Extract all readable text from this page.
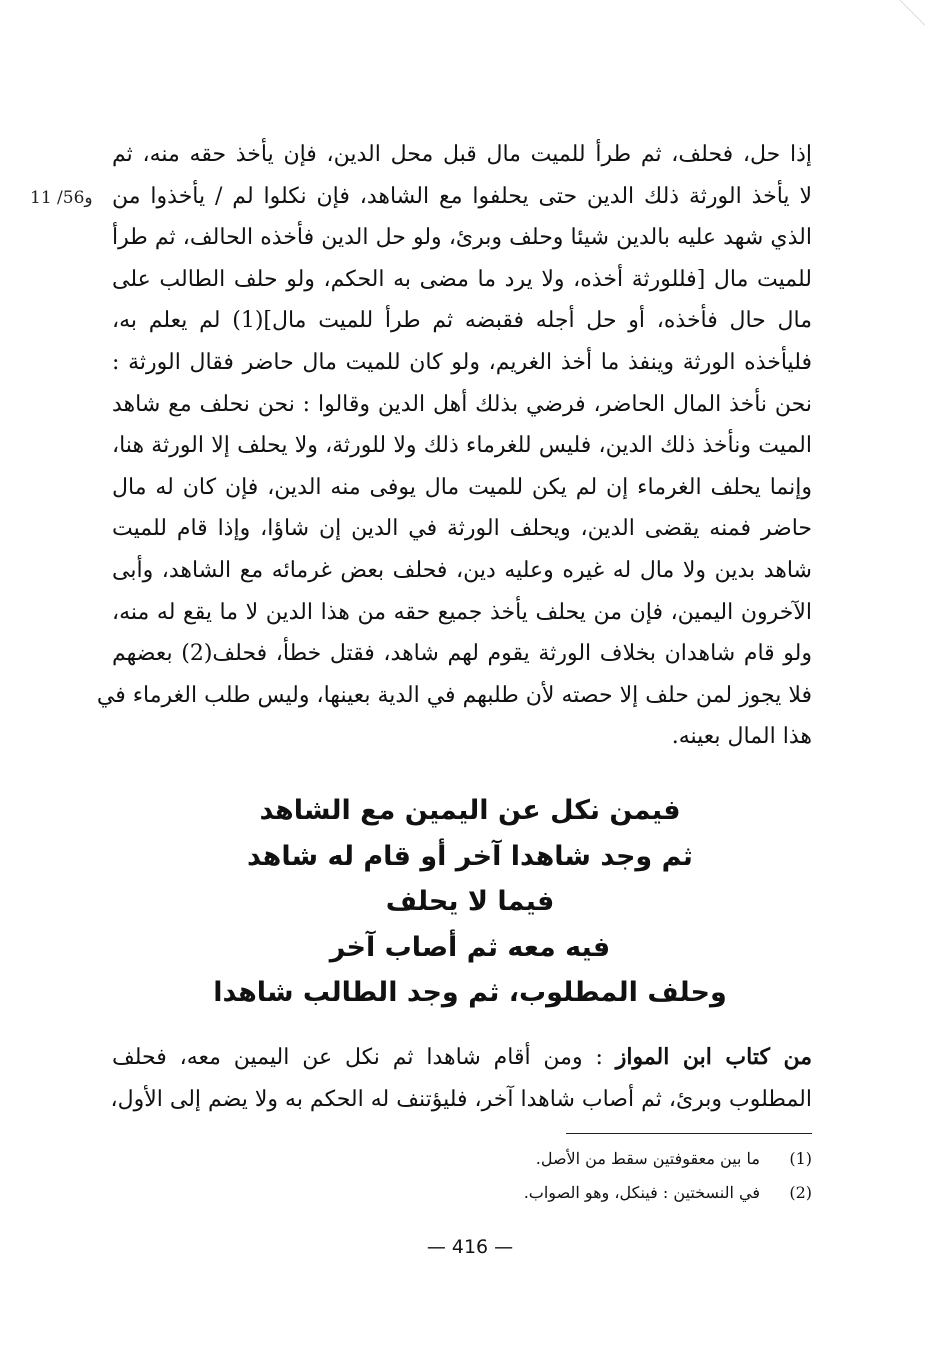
11 /56و
إذا حل، فحلف، ثم طرأ للميت مال قبل محل الدين، فإن يأخذ حقه منه، ثم
لا يأخذ الورثة ذلك الدين حتى يحلفوا مع الشاهد، فإن نكلوا لم / يأخذوا من
الذي شهد عليه بالدين شيئا وحلف وبرئ، ولو حل الدين فأخذه الحالف، ثم طرأ
للميت مال [فللورثة أخذه، ولا يرد ما مضى به الحكم، ولو حلف الطالب على
مال حال فأخذه، أو حل أجله فقبضه ثم طرأ للميت مال](1) لم يعلم به،
فليأخذه الورثة وينفذ ما أخذ الغريم، ولو كان للميت مال حاضر فقال الورثة :
نحن نأخذ المال الحاضر، فرضي بذلك أهل الدين وقالوا : نحن نحلف مع شاهد
الميت ونأخذ ذلك الدين، فليس للغرماء ذلك ولا للورثة، ولا يحلف إلا الورثة هنا،
وإنما يحلف الغرماء إن لم يكن للميت مال يوفى منه الدين، فإن كان له مال
حاضر فمنه يقضى الدين، ويحلف الورثة في الدين إن شاؤا، وإذا قام للميت
شاهد بدين ولا مال له غيره وعليه دين، فحلف بعض غرمائه مع الشاهد، وأبى
الآخرون اليمين، فإن من يحلف يأخذ جميع حقه من هذا الدين لا ما يقع له منه،
ولو قام شاهدان بخلاف الورثة يقوم لهم شاهد، فقتل خطأ، فحلف(2) بعضهم
فلا يجوز لمن حلف إلا حصته لأن طلبهم في الدية بعينها، وليس طلب الغرماء في
هذا المال بعينه.
فيمن نكل عن اليمين مع الشاهد
ثم وجد شاهدا آخر أو قام له شاهد
فيما لا يحلف
فيه معه ثم أصاب آخر
وحلف المطلوب، ثم وجد الطالب شاهدا
من كتاب ابن المواز : ومن أقام شاهدا ثم نكل عن اليمين معه، فحلف
المطلوب وبرئ، ثم أصاب شاهدا آخر، فليؤتنف له الحكم به ولا يضم إلى الأول،
(1)ما بين معقوفتين سقط من الأصل.
(2)في النسختين : فينكل، وهو الصواب.
— 416 —
